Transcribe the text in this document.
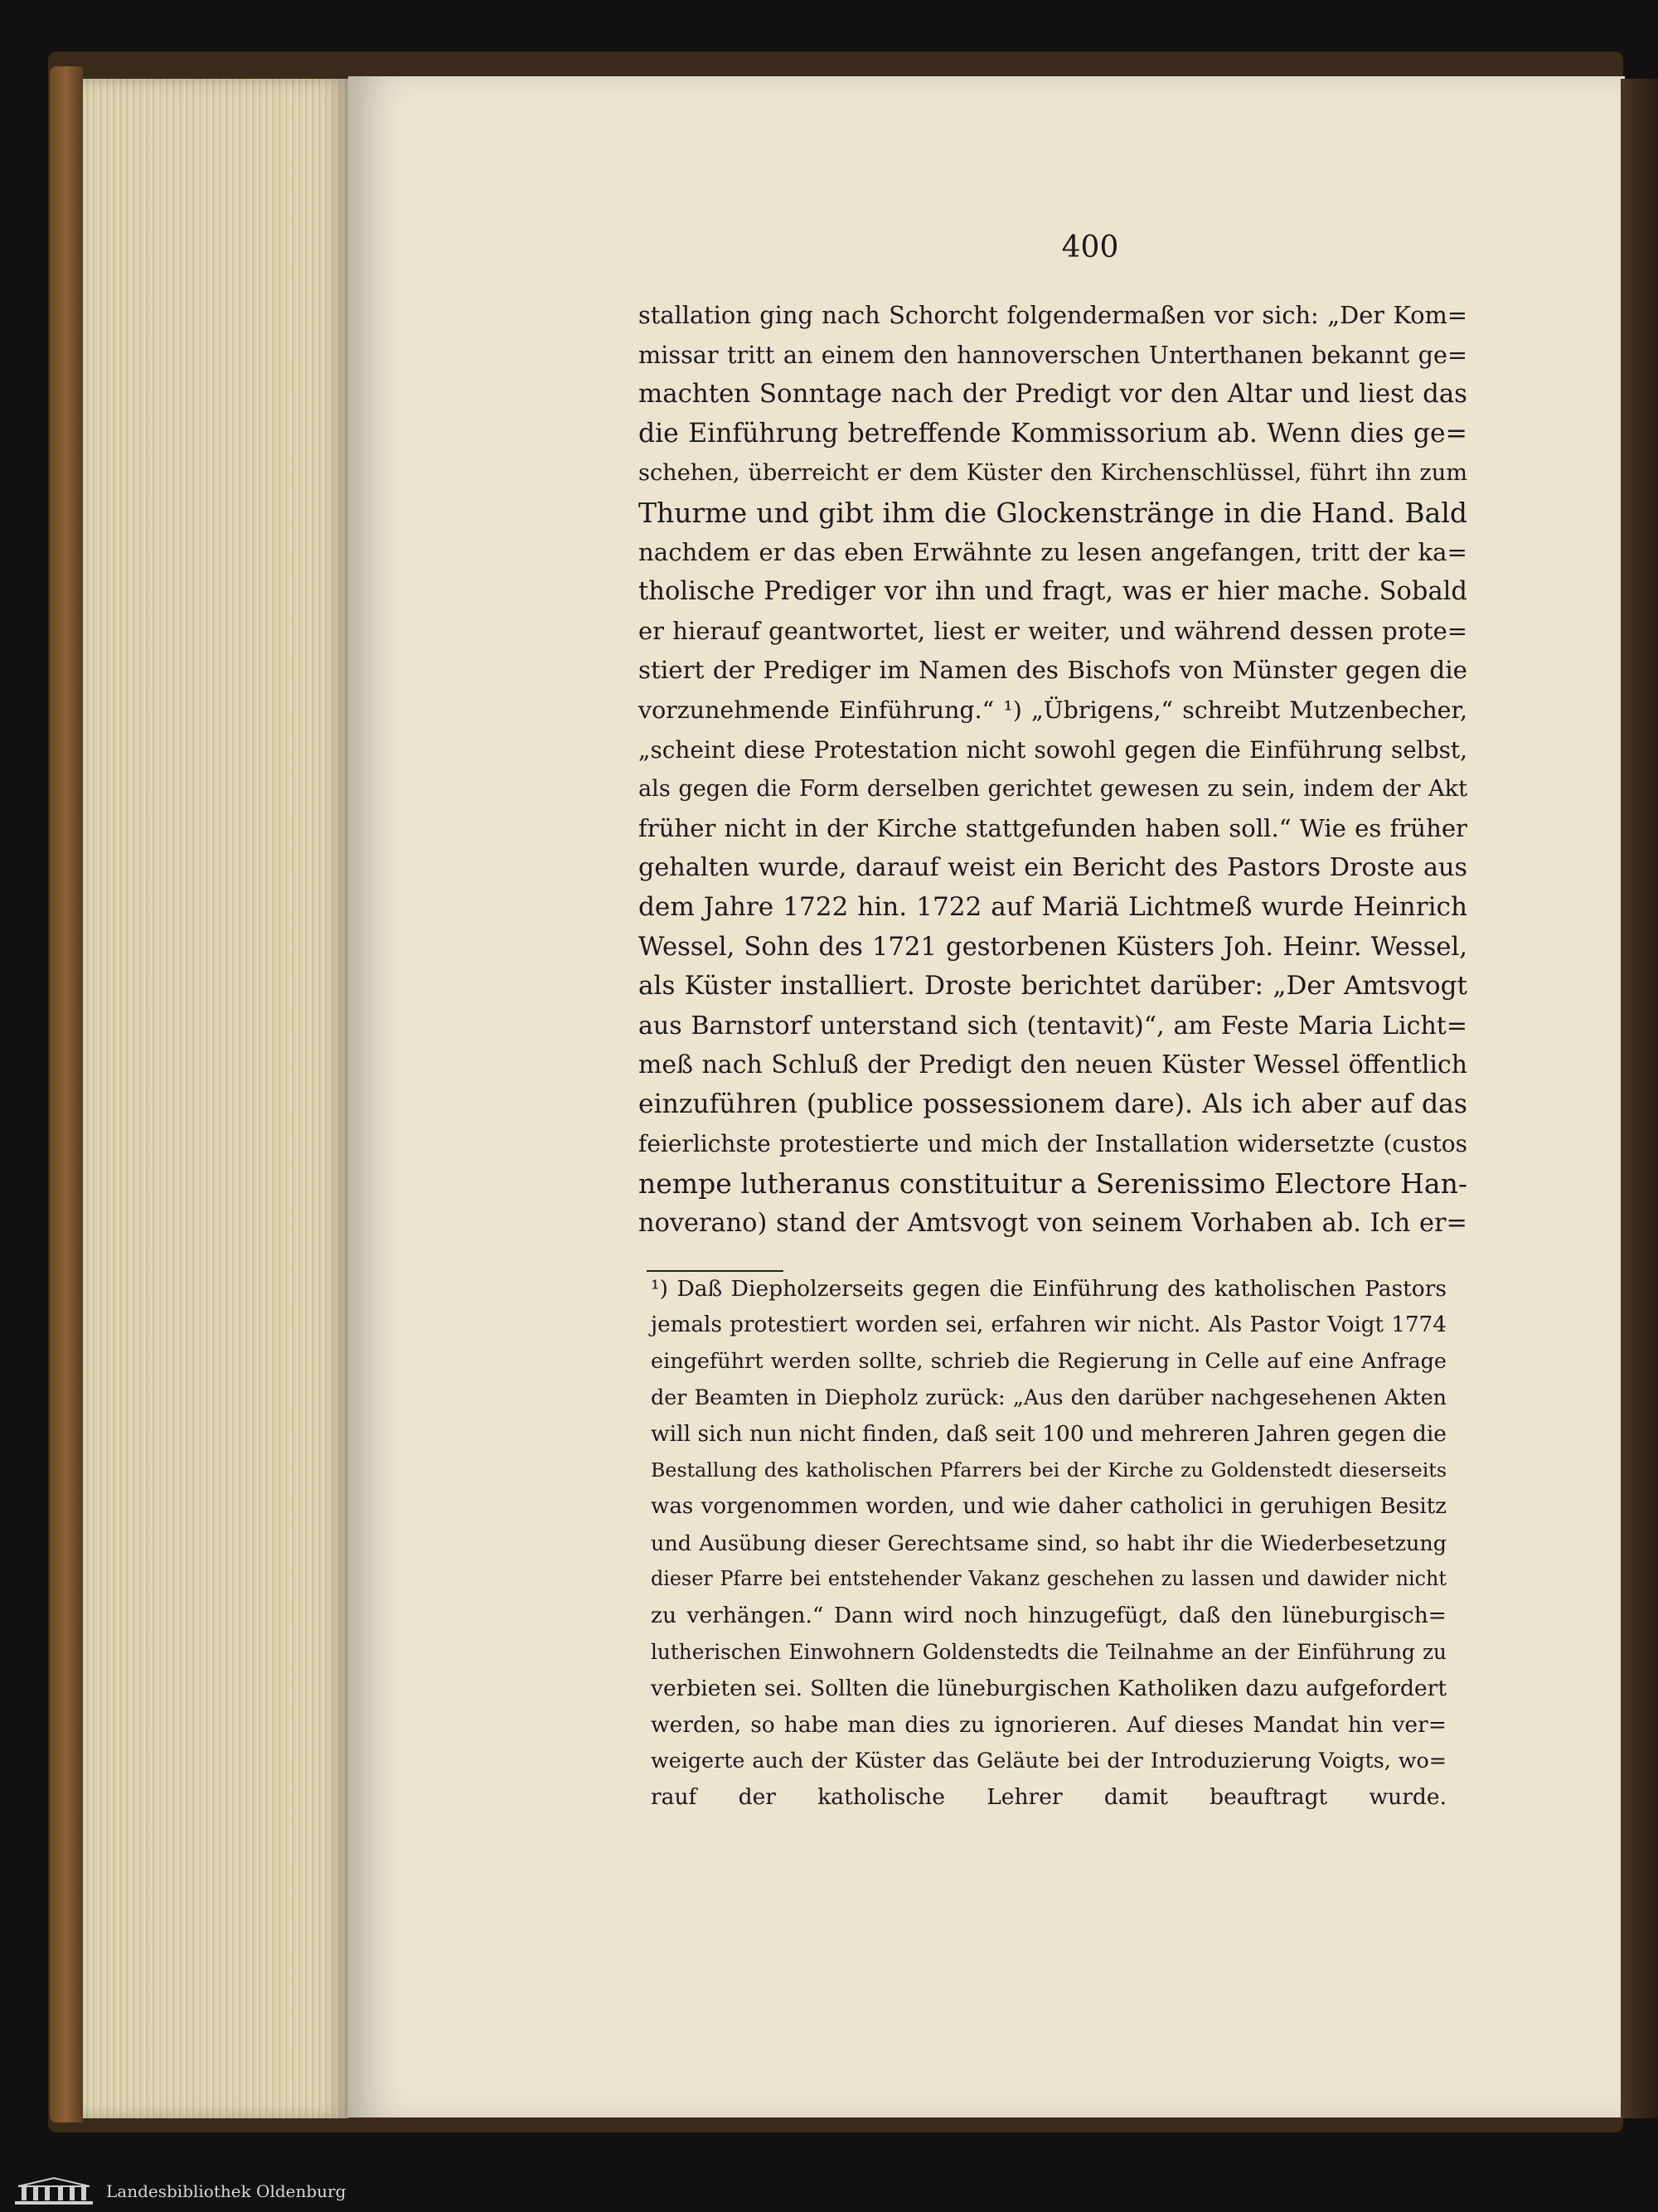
400
stallation ging nach Schorcht folgendermaßen vor sich: „Der Kom=
missar tritt an einem den hannoverschen Unterthanen bekannt ge=
machten Sonntage nach der Predigt vor den Altar und liest das
die Einführung betreffende Kommissorium ab. Wenn dies ge=
schehen, überreicht er dem Küster den Kirchenschlüssel, führt ihn zum
Thurme und gibt ihm die Glockenstränge in die Hand. Bald
nachdem er das eben Erwähnte zu lesen angefangen, tritt der ka=
tholische Prediger vor ihn und fragt, was er hier mache. Sobald
er hierauf geantwortet, liest er weiter, und während dessen prote=
stiert der Prediger im Namen des Bischofs von Münster gegen die
vorzunehmende Einführung.“ ¹) „Übrigens,“ schreibt Mutzenbecher,
„scheint diese Protestation nicht sowohl gegen die Einführung selbst,
als gegen die Form derselben gerichtet gewesen zu sein, indem der Akt
früher nicht in der Kirche stattgefunden haben soll.“ Wie es früher
gehalten wurde, darauf weist ein Bericht des Pastors Droste aus
dem Jahre 1722 hin. 1722 auf Mariä Lichtmeß wurde Heinrich
Wessel, Sohn des 1721 gestorbenen Küsters Joh. Heinr. Wessel,
als Küster installiert. Droste berichtet darüber: „Der Amtsvogt
aus Barnstorf unterstand sich (tentavit)“, am Feste Maria Licht=
meß nach Schluß der Predigt den neuen Küster Wessel öffentlich
einzuführen (publice possessionem dare). Als ich aber auf das
feierlichste protestierte und mich der Installation widersetzte (custos
nempe lutheranus constituitur a Serenissimo Electore Han-
noverano) stand der Amtsvogt von seinem Vorhaben ab. Ich er=
¹) Daß Diepholzerseits gegen die Einführung des katholischen Pastors
jemals protestiert worden sei, erfahren wir nicht. Als Pastor Voigt 1774
eingeführt werden sollte, schrieb die Regierung in Celle auf eine Anfrage
der Beamten in Diepholz zurück: „Aus den darüber nachgesehenen Akten
will sich nun nicht finden, daß seit 100 und mehreren Jahren gegen die
Bestallung des katholischen Pfarrers bei der Kirche zu Goldenstedt dieserseits
was vorgenommen worden, und wie daher catholici in geruhigen Besitz
und Ausübung dieser Gerechtsame sind, so habt ihr die Wiederbesetzung
dieser Pfarre bei entstehender Vakanz geschehen zu lassen und dawider nicht
zu verhängen.“ Dann wird noch hinzugefügt, daß den lüneburgisch=
lutherischen Einwohnern Goldenstedts die Teilnahme an der Einführung zu
verbieten sei. Sollten die lüneburgischen Katholiken dazu aufgefordert
werden, so habe man dies zu ignorieren. Auf dieses Mandat hin ver=
weigerte auch der Küster das Geläute bei der Introduzierung Voigts, wo=
rauf der katholische Lehrer damit beauftragt wurde.
Landesbibliothek Oldenburg
